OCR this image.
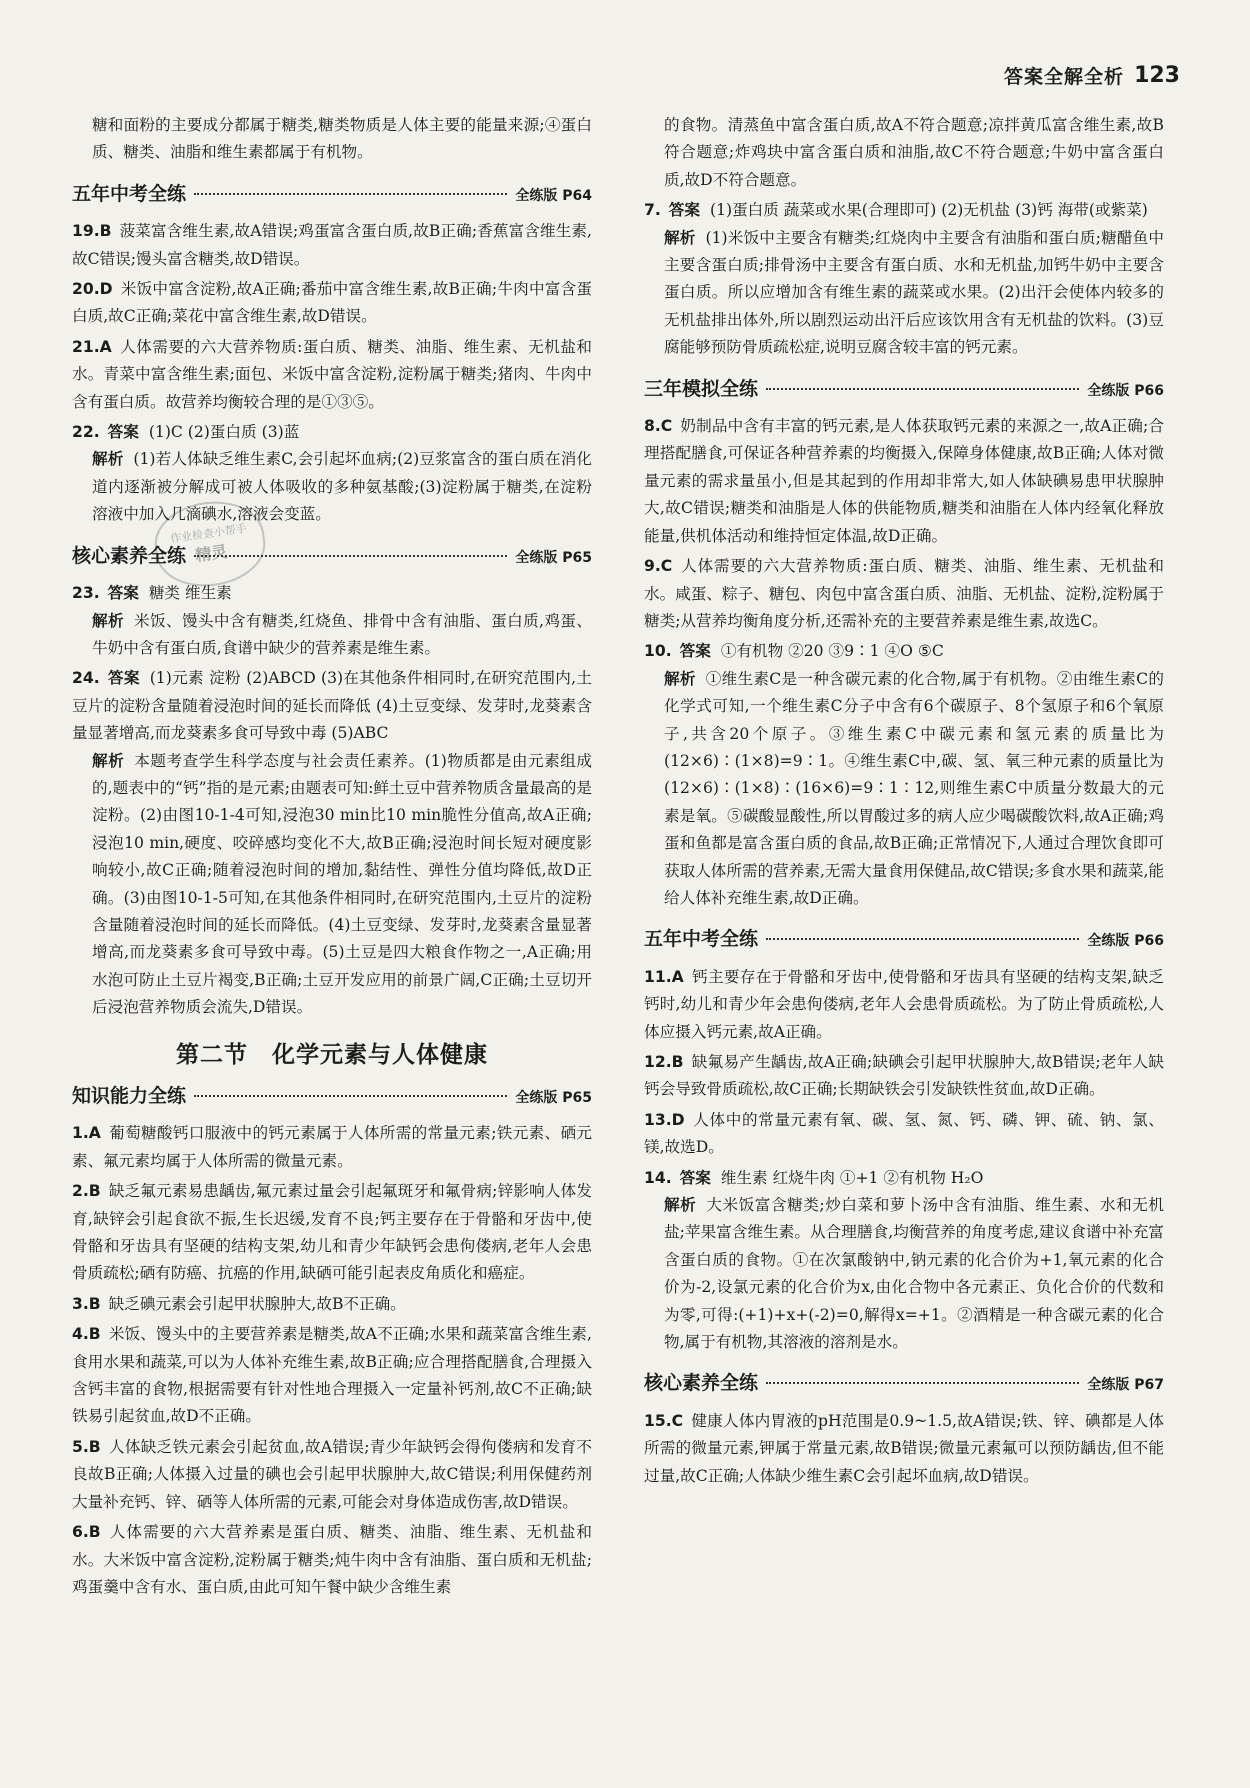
答案全解全析 123
作业检查小帮手
精灵
糖和面粉的主要成分都属于糖类,糖类物质是人体主要的能量来源;④蛋白质、糖类、油脂和维生素都属于有机物。
五年中考全练	全练版 P64
19.B 菠菜富含维生素,故A错误;鸡蛋富含蛋白质,故B正确;香蕉富含维生素,故C错误;馒头富含糖类,故D错误。
20.D 米饭中富含淀粉,故A正确;番茄中富含维生素,故B正确;牛肉中富含蛋白质,故C正确;菜花中富含维生素,故D错误。
21.A 人体需要的六大营养物质:蛋白质、糖类、油脂、维生素、无机盐和水。青菜中富含维生素;面包、米饭中富含淀粉,淀粉属于糖类;猪肉、牛肉中含有蛋白质。故营养均衡较合理的是①③⑤。
22. 答案 (1)C (2)蛋白质 (3)蓝
解析 (1)若人体缺乏维生素C,会引起坏血病;(2)豆浆富含的蛋白质在消化道内逐渐被分解成可被人体吸收的多种氨基酸;(3)淀粉属于糖类,在淀粉溶液中加入几滴碘水,溶液会变蓝。
核心素养全练	全练版 P65
23. 答案 糖类 维生素
解析 米饭、馒头中含有糖类,红烧鱼、排骨中含有油脂、蛋白质,鸡蛋、牛奶中含有蛋白质,食谱中缺少的营养素是维生素。
24. 答案 (1)元素 淀粉 (2)ABCD (3)在其他条件相同时,在研究范围内,土豆片的淀粉含量随着浸泡时间的延长而降低 (4)土豆变绿、发芽时,龙葵素含量显著增高,而龙葵素多食可导致中毒 (5)ABC
解析 本题考查学生科学态度与社会责任素养。(1)物质都是由元素组成的,题表中的“钙”指的是元素;由题表可知:鲜土豆中营养物质含量最高的是淀粉。(2)由图10-1-4可知,浸泡30 min比10 min脆性分值高,故A正确;浸泡10 min,硬度、咬碎感均变化不大,故B正确;浸泡时间长短对硬度影响较小,故C正确;随着浸泡时间的增加,黏结性、弹性分值均降低,故D正确。(3)由图10-1-5可知,在其他条件相同时,在研究范围内,土豆片的淀粉含量随着浸泡时间的延长而降低。(4)土豆变绿、发芽时,龙葵素含量显著增高,而龙葵素多食可导致中毒。(5)土豆是四大粮食作物之一,A正确;用水泡可防止土豆片褐变,B正确;土豆开发应用的前景广阔,C正确;土豆切开后浸泡营养物质会流失,D错误。
第二节 化学元素与人体健康
知识能力全练	全练版 P65
1.A 葡萄糖酸钙口服液中的钙元素属于人体所需的常量元素;铁元素、硒元素、氟元素均属于人体所需的微量元素。
2.B 缺乏氟元素易患龋齿,氟元素过量会引起氟斑牙和氟骨病;锌影响人体发育,缺锌会引起食欲不振,生长迟缓,发育不良;钙主要存在于骨骼和牙齿中,使骨骼和牙齿具有坚硬的结构支架,幼儿和青少年缺钙会患佝偻病,老年人会患骨质疏松;硒有防癌、抗癌的作用,缺硒可能引起表皮角质化和癌症。
3.B 缺乏碘元素会引起甲状腺肿大,故B不正确。
4.B 米饭、馒头中的主要营养素是糖类,故A不正确;水果和蔬菜富含维生素,食用水果和蔬菜,可以为人体补充维生素,故B正确;应合理搭配膳食,合理摄入含钙丰富的食物,根据需要有针对性地合理摄入一定量补钙剂,故C不正确;缺铁易引起贫血,故D不正确。
5.B 人体缺乏铁元素会引起贫血,故A错误;青少年缺钙会得佝偻病和发育不良故B正确;人体摄入过量的碘也会引起甲状腺肿大,故C错误;利用保健药剂大量补充钙、锌、硒等人体所需的元素,可能会对身体造成伤害,故D错误。
6.B 人体需要的六大营养素是蛋白质、糖类、油脂、维生素、无机盐和水。大米饭中富含淀粉,淀粉属于糖类;炖牛肉中含有油脂、蛋白质和无机盐;鸡蛋羹中含有水、蛋白质,由此可知午餐中缺少含维生素
的食物。清蒸鱼中富含蛋白质,故A不符合题意;凉拌黄瓜富含维生素,故B符合题意;炸鸡块中富含蛋白质和油脂,故C不符合题意;牛奶中富含蛋白质,故D不符合题意。
7. 答案 (1)蛋白质 蔬菜或水果(合理即可) (2)无机盐 (3)钙 海带(或紫菜)
解析 (1)米饭中主要含有糖类;红烧肉中主要含有油脂和蛋白质;糖醋鱼中主要含蛋白质;排骨汤中主要含有蛋白质、水和无机盐,加钙牛奶中主要含蛋白质。所以应增加含有维生素的蔬菜或水果。(2)出汗会使体内较多的无机盐排出体外,所以剧烈运动出汗后应该饮用含有无机盐的饮料。(3)豆腐能够预防骨质疏松症,说明豆腐含较丰富的钙元素。
三年模拟全练	全练版 P66
8.C 奶制品中含有丰富的钙元素,是人体获取钙元素的来源之一,故A正确;合理搭配膳食,可保证各种营养素的均衡摄入,保障身体健康,故B正确;人体对微量元素的需求量虽小,但是其起到的作用却非常大,如人体缺碘易患甲状腺肿大,故C错误;糖类和油脂是人体的供能物质,糖类和油脂在人体内经氧化释放能量,供机体活动和维持恒定体温,故D正确。
9.C 人体需要的六大营养物质:蛋白质、糖类、油脂、维生素、无机盐和水。咸蛋、粽子、糖包、肉包中富含蛋白质、油脂、无机盐、淀粉,淀粉属于糖类;从营养均衡角度分析,还需补充的主要营养素是维生素,故选C。
10. 答案 ①有机物 ②20 ③9∶1 ④O ⑤C
解析 ①维生素C是一种含碳元素的化合物,属于有机物。②由维生素C的化学式可知,一个维生素C分子中含有6个碳原子、8个氢原子和6个氧原子,共含20个原子。③维生素C中碳元素和氢元素的质量比为(12×6)∶(1×8)=9∶1。④维生素C中,碳、氢、氧三种元素的质量比为(12×6)∶(1×8)∶(16×6)=9∶1∶12,则维生素C中质量分数最大的元素是氧。⑤碳酸显酸性,所以胃酸过多的病人应少喝碳酸饮料,故A正确;鸡蛋和鱼都是富含蛋白质的食品,故B正确;正常情况下,人通过合理饮食即可获取人体所需的营养素,无需大量食用保健品,故C错误;多食水果和蔬菜,能给人体补充维生素,故D正确。
五年中考全练	全练版 P66
11.A 钙主要存在于骨骼和牙齿中,使骨骼和牙齿具有坚硬的结构支架,缺乏钙时,幼儿和青少年会患佝偻病,老年人会患骨质疏松。为了防止骨质疏松,人体应摄入钙元素,故A正确。
12.B 缺氟易产生龋齿,故A正确;缺碘会引起甲状腺肿大,故B错误;老年人缺钙会导致骨质疏松,故C正确;长期缺铁会引发缺铁性贫血,故D正确。
13.D 人体中的常量元素有氧、碳、氢、氮、钙、磷、钾、硫、钠、氯、镁,故选D。
14. 答案 维生素 红烧牛肉 ①+1 ②有机物 H₂O
解析 大米饭富含糖类;炒白菜和萝卜汤中含有油脂、维生素、水和无机盐;苹果富含维生素。从合理膳食,均衡营养的角度考虑,建议食谱中补充富含蛋白质的食物。①在次氯酸钠中,钠元素的化合价为+1,氧元素的化合价为-2,设氯元素的化合价为x,由化合物中各元素正、负化合价的代数和为零,可得:(+1)+x+(-2)=0,解得x=+1。②酒精是一种含碳元素的化合物,属于有机物,其溶液的溶剂是水。
核心素养全练	全练版 P67
15.C 健康人体内胃液的pH范围是0.9~1.5,故A错误;铁、锌、碘都是人体所需的微量元素,钾属于常量元素,故B错误;微量元素氟可以预防龋齿,但不能过量,故C正确;人体缺少维生素C会引起坏血病,故D错误。
